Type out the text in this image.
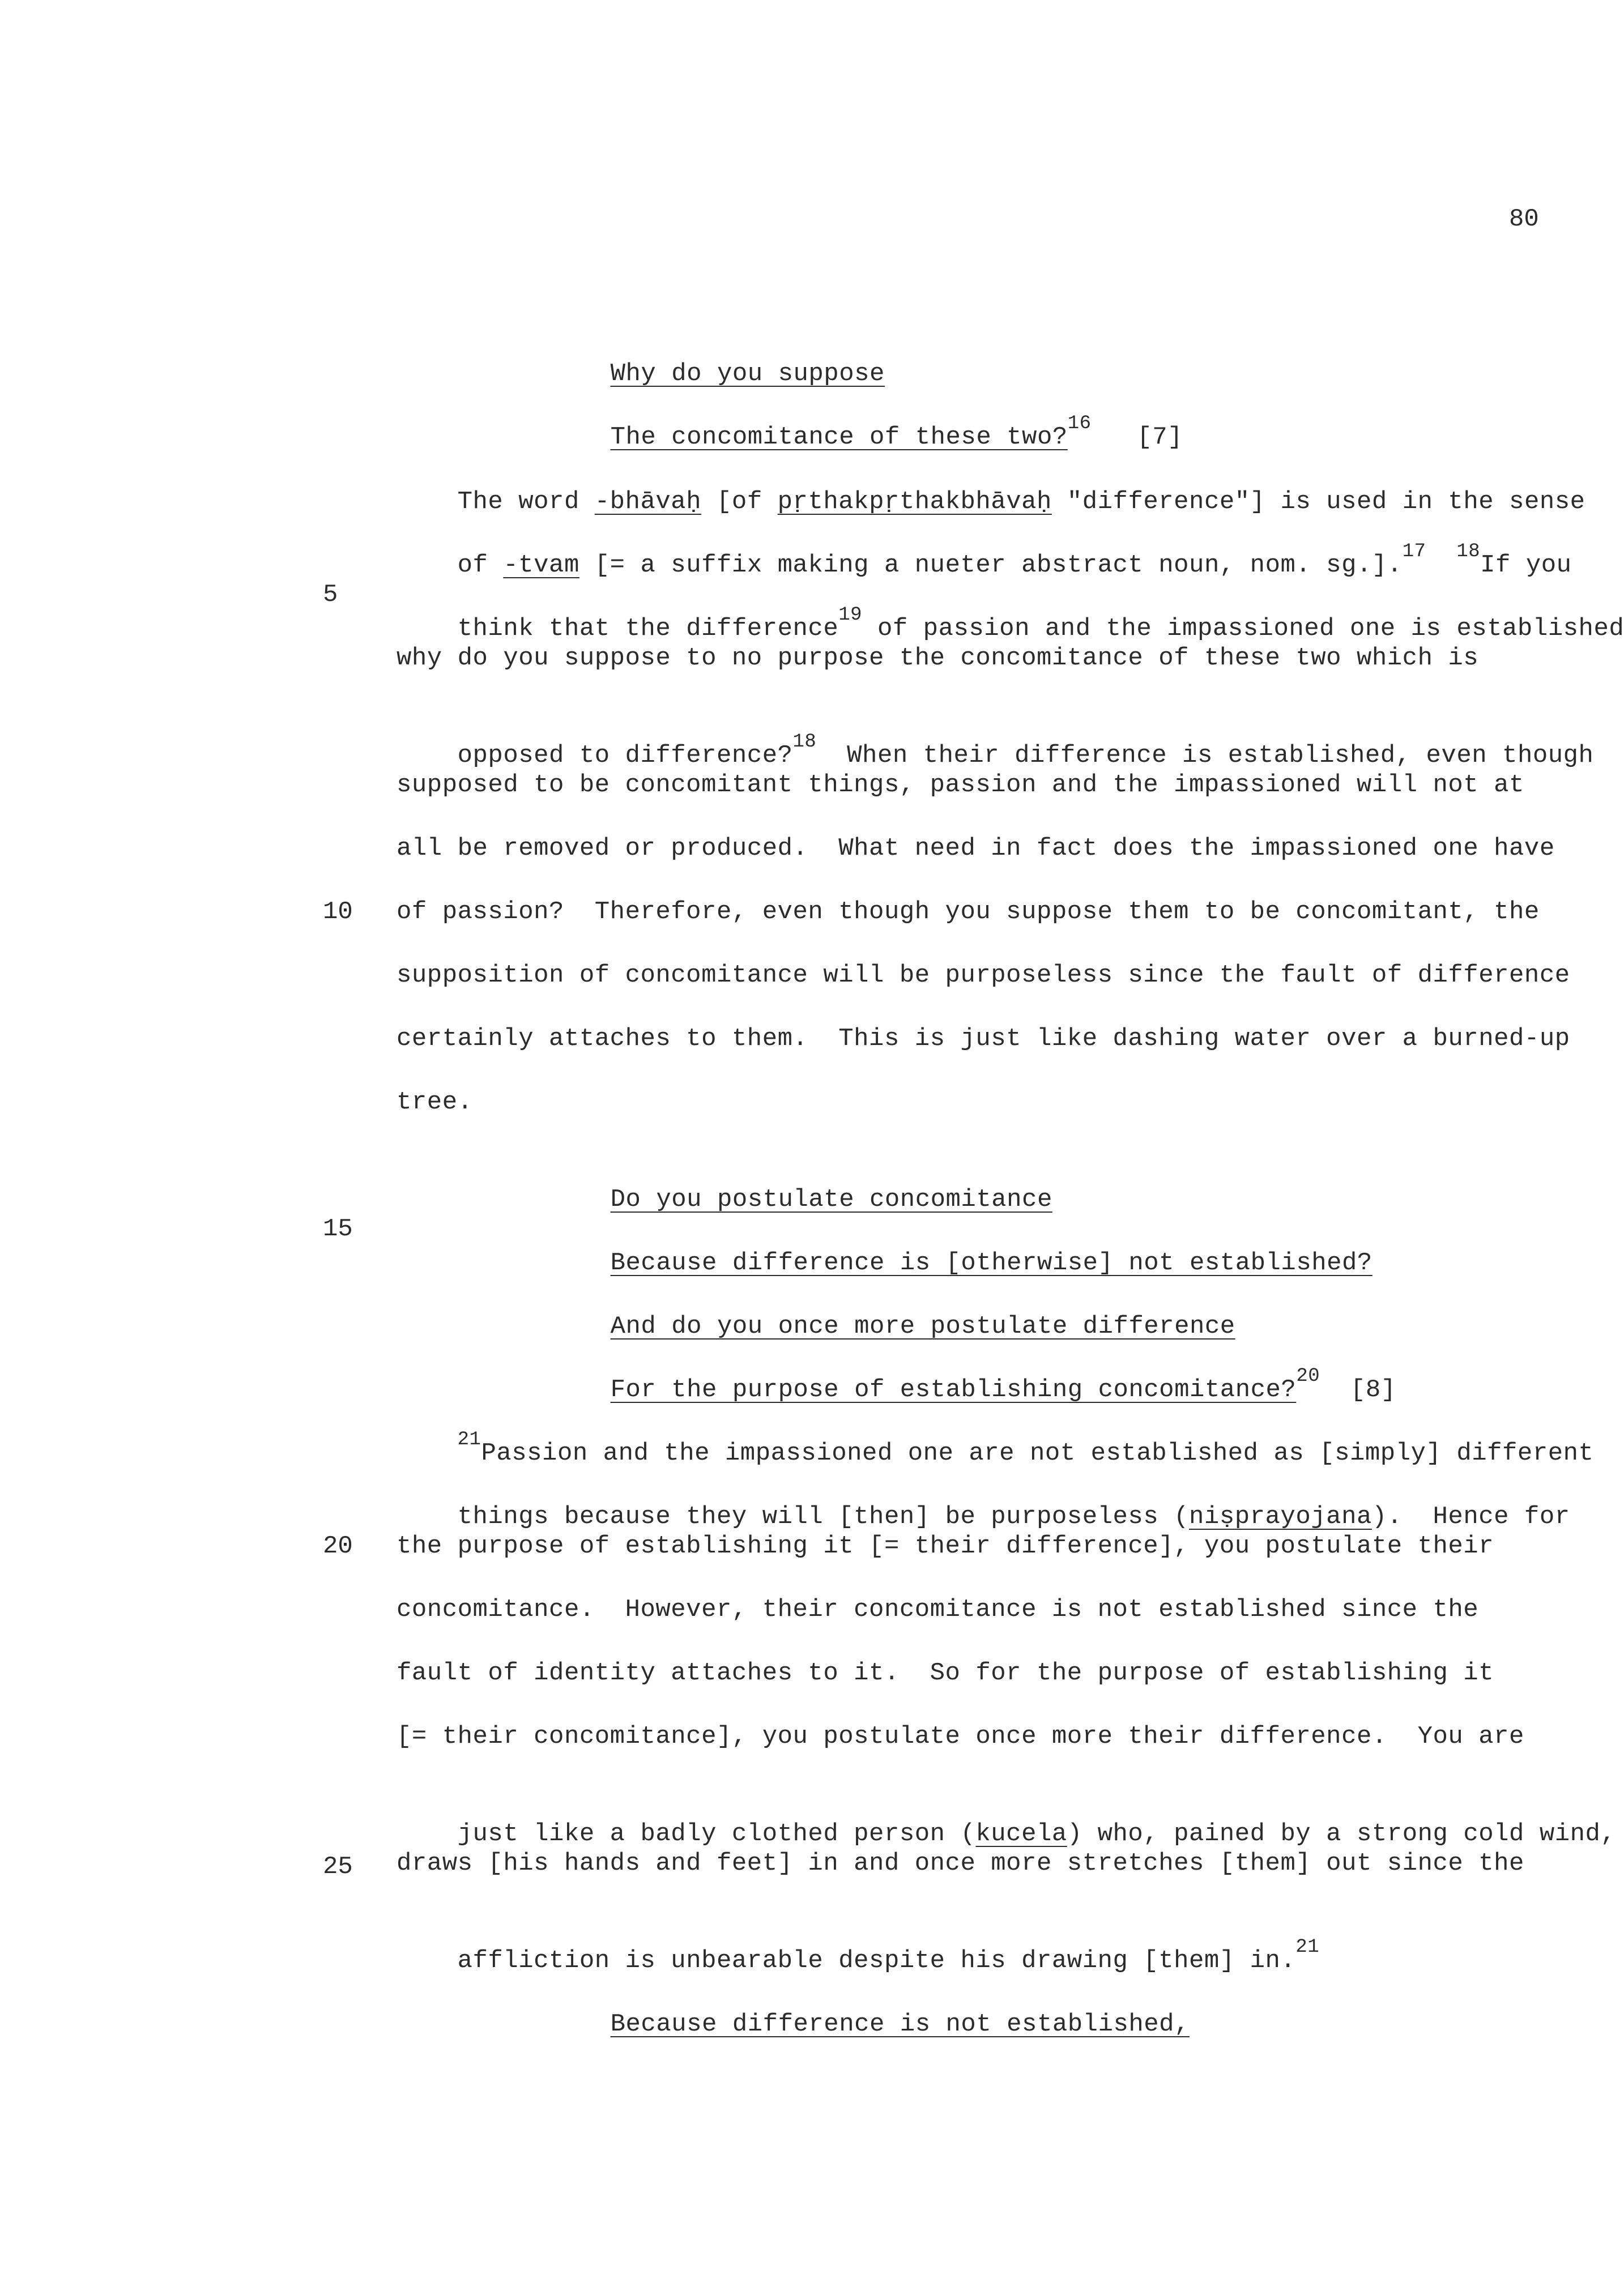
80

Why do you suppose

The concomitance of these two?$^{16}$ [7]

The word -bhāvaḥ [of pṛthakpṛthakbhāvaḥ "difference"] is used in the sense

of -tvam [= a suffix making a nueter abstract noun, nom. sg.].$^{17}$ $^{18}$If you

5

think that the difference$^{19}$ of passion and the impassioned one is established

why do you suppose to no purpose the concomitance of these two which is

opposed to difference?$^{18}$  When their difference is established, even though

supposed to be concomitant things, passion and the impassioned will not at
all be removed or produced.  What need in fact does the impassioned one have
10 of passion?  Therefore, even though you suppose them to be concomitant, the
supposition of concomitance will be purposeless since the fault of difference
certainly attaches to them.  This is just like dashing water over a burned-up
tree.

Do you postulate concomitance

15

Because difference is [otherwise] not established?

And do you once more postulate difference

For the purpose of establishing concomitance?$^{20}$ [8]

$^{21}$Passion and the impassioned one are not established as [simply] different

things because they will [then] be purposeless (niṣprayojana).  Hence for

20 the purpose of establishing it [= their difference], you postulate their
concomitance.  However, their concomitance is not established since the
fault of identity attaches to it.  So for the purpose of establishing it
[= their concomitance], you postulate once more their difference.  You are

just like a badly clothed person (kucela) who, pained by a strong cold wind,

25 draws [his hands and feet] in and once more stretches [them] out since the

affliction is unbearable despite his drawing [them] in.$^{21}$

Because difference is not established,
